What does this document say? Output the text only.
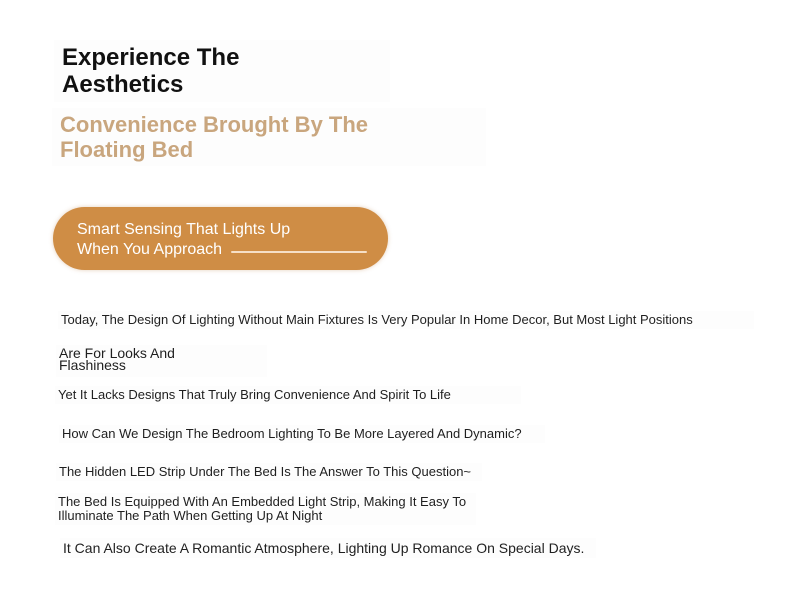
Experience The
Aesthetics
Convenience Brought By The
Floating Bed
Smart Sensing That Lights Up
When You Approach
Today, The Design Of Lighting Without Main Fixtures Is Very Popular In Home Decor, But Most Light Positions
Are For Looks And
Flashiness
Yet It Lacks Designs That Truly Bring Convenience And Spirit To Life
How Can We Design The Bedroom Lighting To Be More Layered And Dynamic?
The Hidden LED Strip Under The Bed Is The Answer To This Question~
The Bed Is Equipped With An Embedded Light Strip, Making It Easy To
Illuminate The Path When Getting Up At Night
It Can Also Create A Romantic Atmosphere, Lighting Up Romance On Special Days.
